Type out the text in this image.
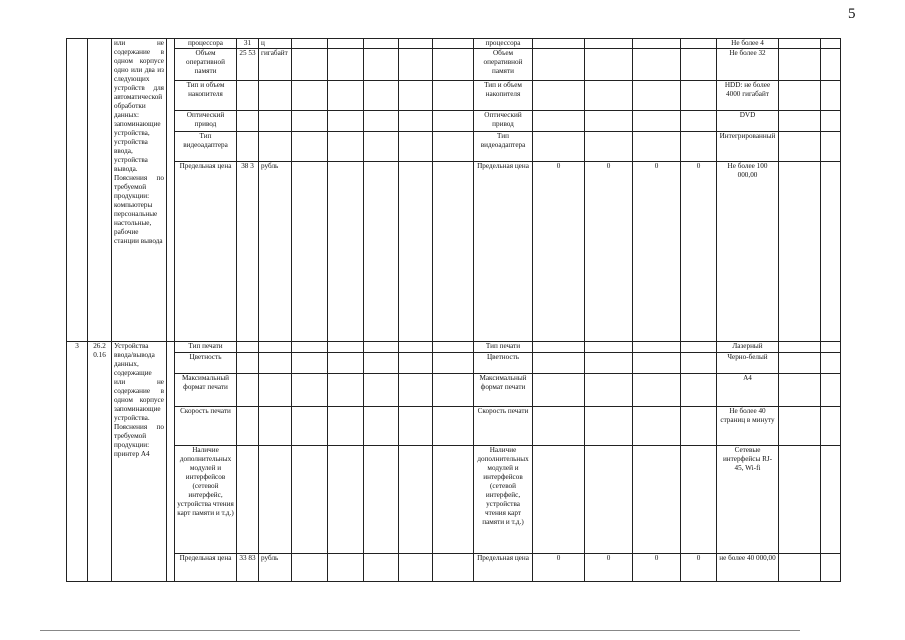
5
		или не содержание в одном корпусе одно или два из следующих устройств для автоматической обработки данных: запоминающие устройства, устройства ввода, устройства вывода. Пояснения по требуемой продукции: компьютеры персональные настольные, рабочие станции вывода		процессора	31	ц						процессора					Не более 4		
				Объем оперативной памяти	25 53	гигабайт						Объем оперативной памяти					Не более 32		
				Тип и объем накопителя								Тип и объем накопителя					HDD: не более 4000 гигабайт		
				Оптический привод								Оптический привод					DVD		
				Тип видеоадаптера								Тип видеоадаптера					Интегрированный		
				Предельная цена	38 3	рубль						Предельная цена	0	0	0	0	Не более 100 000,00		
3	26.2 0.16	Устройства ввода/вывода данных, содержащие или не содержание в одном корпусе запоминающие устройства. Пояснения по требуемой продукции: принтер А4		Тип печати								Тип печати					Лазерный		
				Цветность								Цветность					Черно-белый		
				Максимальный формат печати								Максимальный формат печати					А4		
				Скорость печати								Скорость печати					Не более 40 страниц в минуту		
				Наличие дополнительных модулей и интерфейсов (сетевой интерфейс, устройства чтения карт памяти и т.д.)								Наличие дополнительных модулей и интерфейсов (сетевой интерфейс, устройства чтения карт памяти и т.д.)					Сетевые интерфейсы RJ-45, Wi-fi		
				Предельная цена	33 83	рубль						Предельная цена	0	0	0	0	не более 40 000,00		
